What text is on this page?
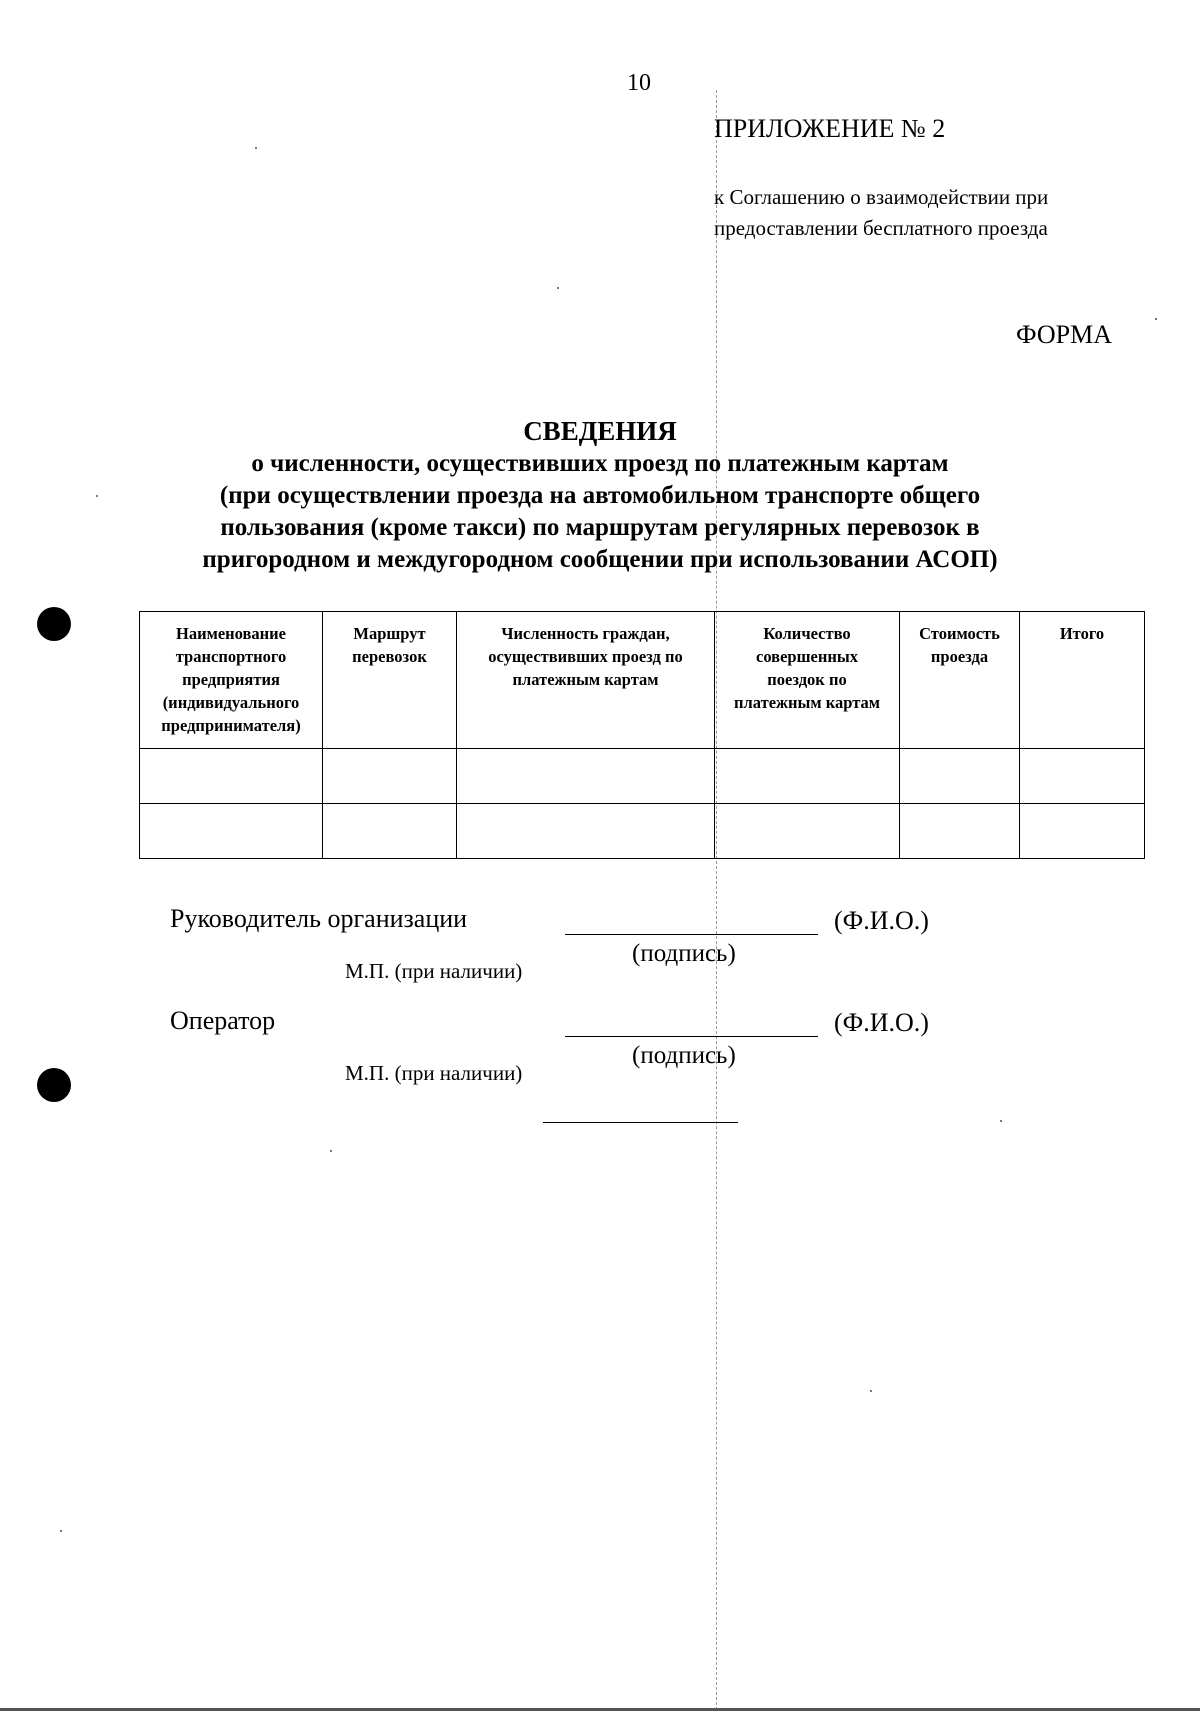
10
ПРИЛОЖЕНИЕ № 2
к Соглашению о взаимодействии при
предоставлении бесплатного проезда
ФОРМА
СВЕДЕНИЯ
о численности, осуществивших проезд по платежным картам
(при осуществлении проезда на автомобильном транспорте общего
пользования (кроме такси) по маршрутам регулярных перевозок в
пригородном и междугородном сообщении при использовании АСОП)
Наименование транспортного предприятия (индивидуального предпринимателя)	Маршрут перевозок	Численность граждан, осуществивших проезд по платежным картам	Количество совершенных поездок по платежным картам	Стоимость проезда	Итого

Руководитель организации	(Ф.И.О.)
(подпись)
М.П. (при наличии)
Оператор	(Ф.И.О.)
(подпись)
М.П. (при наличии)
